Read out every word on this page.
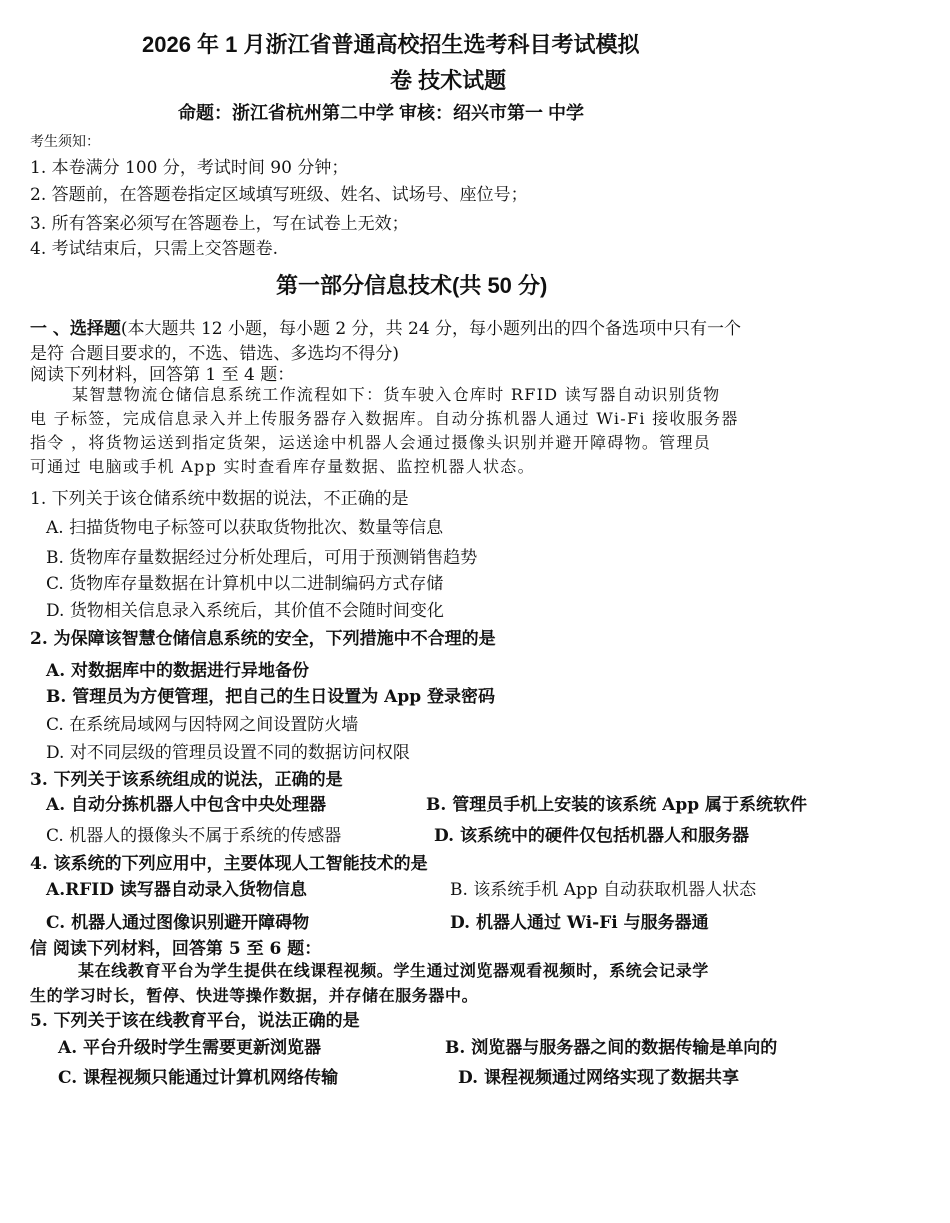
2026 年 1 月浙江省普通高校招生选考科目考试模拟
卷 技术试题
命题：浙江省杭州第二中学 审核：绍兴市第一 中学
考生须知：
1. 本卷满分 100 分，考试时间 90 分钟；
2. 答题前，在答题卷指定区域填写班级、姓名、试场号、座位号；
3. 所有答案必须写在答题卷上，写在试卷上无效；
4. 考试结束后，只需上交答题卷.
第一部分信息技术(共 50 分)
一 、选择题(本大题共 12 小题，每小题 2 分，共 24 分，每小题列出的四个备选项中只有一个
是符 合题目要求的，不选、错选、多选均不得分)
阅读下列材料，回答第 1 至 4 题：
某智慧物流仓储信息系统工作流程如下：货车驶入仓库时 RFID 读写器自动识别货物
电 子标签，完成信息录入并上传服务器存入数据库。自动分拣机器人通过 Wi-Fi 接收服务器
指令 ，将货物运送到指定货架，运送途中机器人会通过摄像头识别并避开障碍物。管理员
可通过 电脑或手机 App 实时查看库存量数据、监控机器人状态。
1. 下列关于该仓储系统中数据的说法，不正确的是
A. 扫描货物电子标签可以获取货物批次、数量等信息
B. 货物库存量数据经过分析处理后，可用于预测销售趋势
C. 货物库存量数据在计算机中以二进制编码方式存储
D. 货物相关信息录入系统后，其价值不会随时间变化
2. 为保障该智慧仓储信息系统的安全，下列措施中不合理的是
A. 对数据库中的数据进行异地备份
B. 管理员为方便管理，把自己的生日设置为 App 登录密码
C. 在系统局域网与因特网之间设置防火墙
D. 对不同层级的管理员设置不同的数据访问权限
3. 下列关于该系统组成的说法，正确的是
A. 自动分拣机器人中包含中央处理器	B. 管理员手机上安装的该系统 App 属于系统软件
C. 机器人的摄像头不属于系统的传感器	D. 该系统中的硬件仅包括机器人和服务器
4. 该系统的下列应用中，主要体现人工智能技术的是
A.RFID 读写器自动录入货物信息	B. 该系统手机 App 自动获取机器人状态
C. 机器人通过图像识别避开障碍物	D. 机器人通过 Wi-Fi 与服务器通
信 阅读下列材料，回答第 5 至 6 题：
某在线教育平台为学生提供在线课程视频。学生通过浏览器观看视频时，系统会记录学
生的学习时长，暂停、快进等操作数据，并存储在服务器中。
5. 下列关于该在线教育平台，说法正确的是
A. 平台升级时学生需要更新浏览器	B. 浏览器与服务器之间的数据传输是单向的
C. 课程视频只能通过计算机网络传输	D. 课程视频通过网络实现了数据共享
